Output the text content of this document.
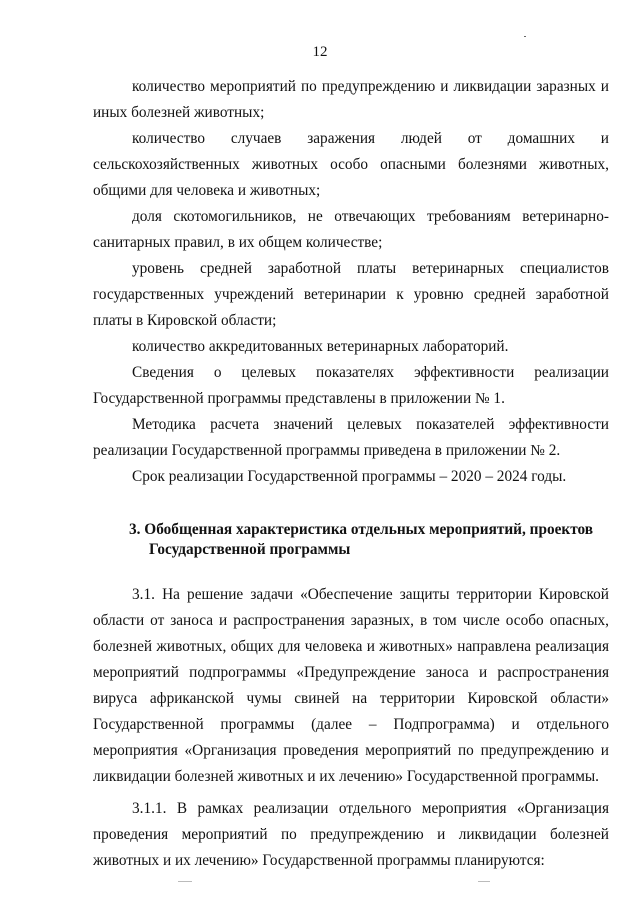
12

количество мероприятий по предупреждению и ликвидации заразных и иных болезней животных;

количество случаев заражения людей от домашних и сельскохозяйственных животных особо опасными болезнями животных, общими для человека и животных;

доля скотомогильников, не отвечающих требованиям ветеринарно-санитарных правил, в их общем количестве;

уровень средней заработной платы ветеринарных специалистов государственных учреждений ветеринарии к уровню средней заработной платы в Кировской области;

количество аккредитованных ветеринарных лабораторий.

Сведения о целевых показателях эффективности реализации Государственной программы представлены в приложении № 1.

Методика расчета значений целевых показателей эффективности реализации Государственной программы приведена в приложении № 2.

Срок реализации Государственной программы – 2020 – 2024 годы.

3. Обобщенная характеристика отдельных мероприятий, проектов Государственной программы

3.1. На решение задачи «Обеспечение защиты территории Кировской области от заноса и распространения заразных, в том числе особо опасных, болезней животных, общих для человека и животных» направлена реализация мероприятий подпрограммы «Предупреждение заноса и распространения вируса африканской чумы свиней на территории Кировской области» Государственной программы (далее – Подпрограмма) и отдельного мероприятия «Организация проведения мероприятий по предупреждению и ликвидации болезней животных и их лечению» Государственной программы.

3.1.1. В рамках реализации отдельного мероприятия «Организация проведения мероприятий по предупреждению и ликвидации болезней животных и их лечению» Государственной программы планируются:
